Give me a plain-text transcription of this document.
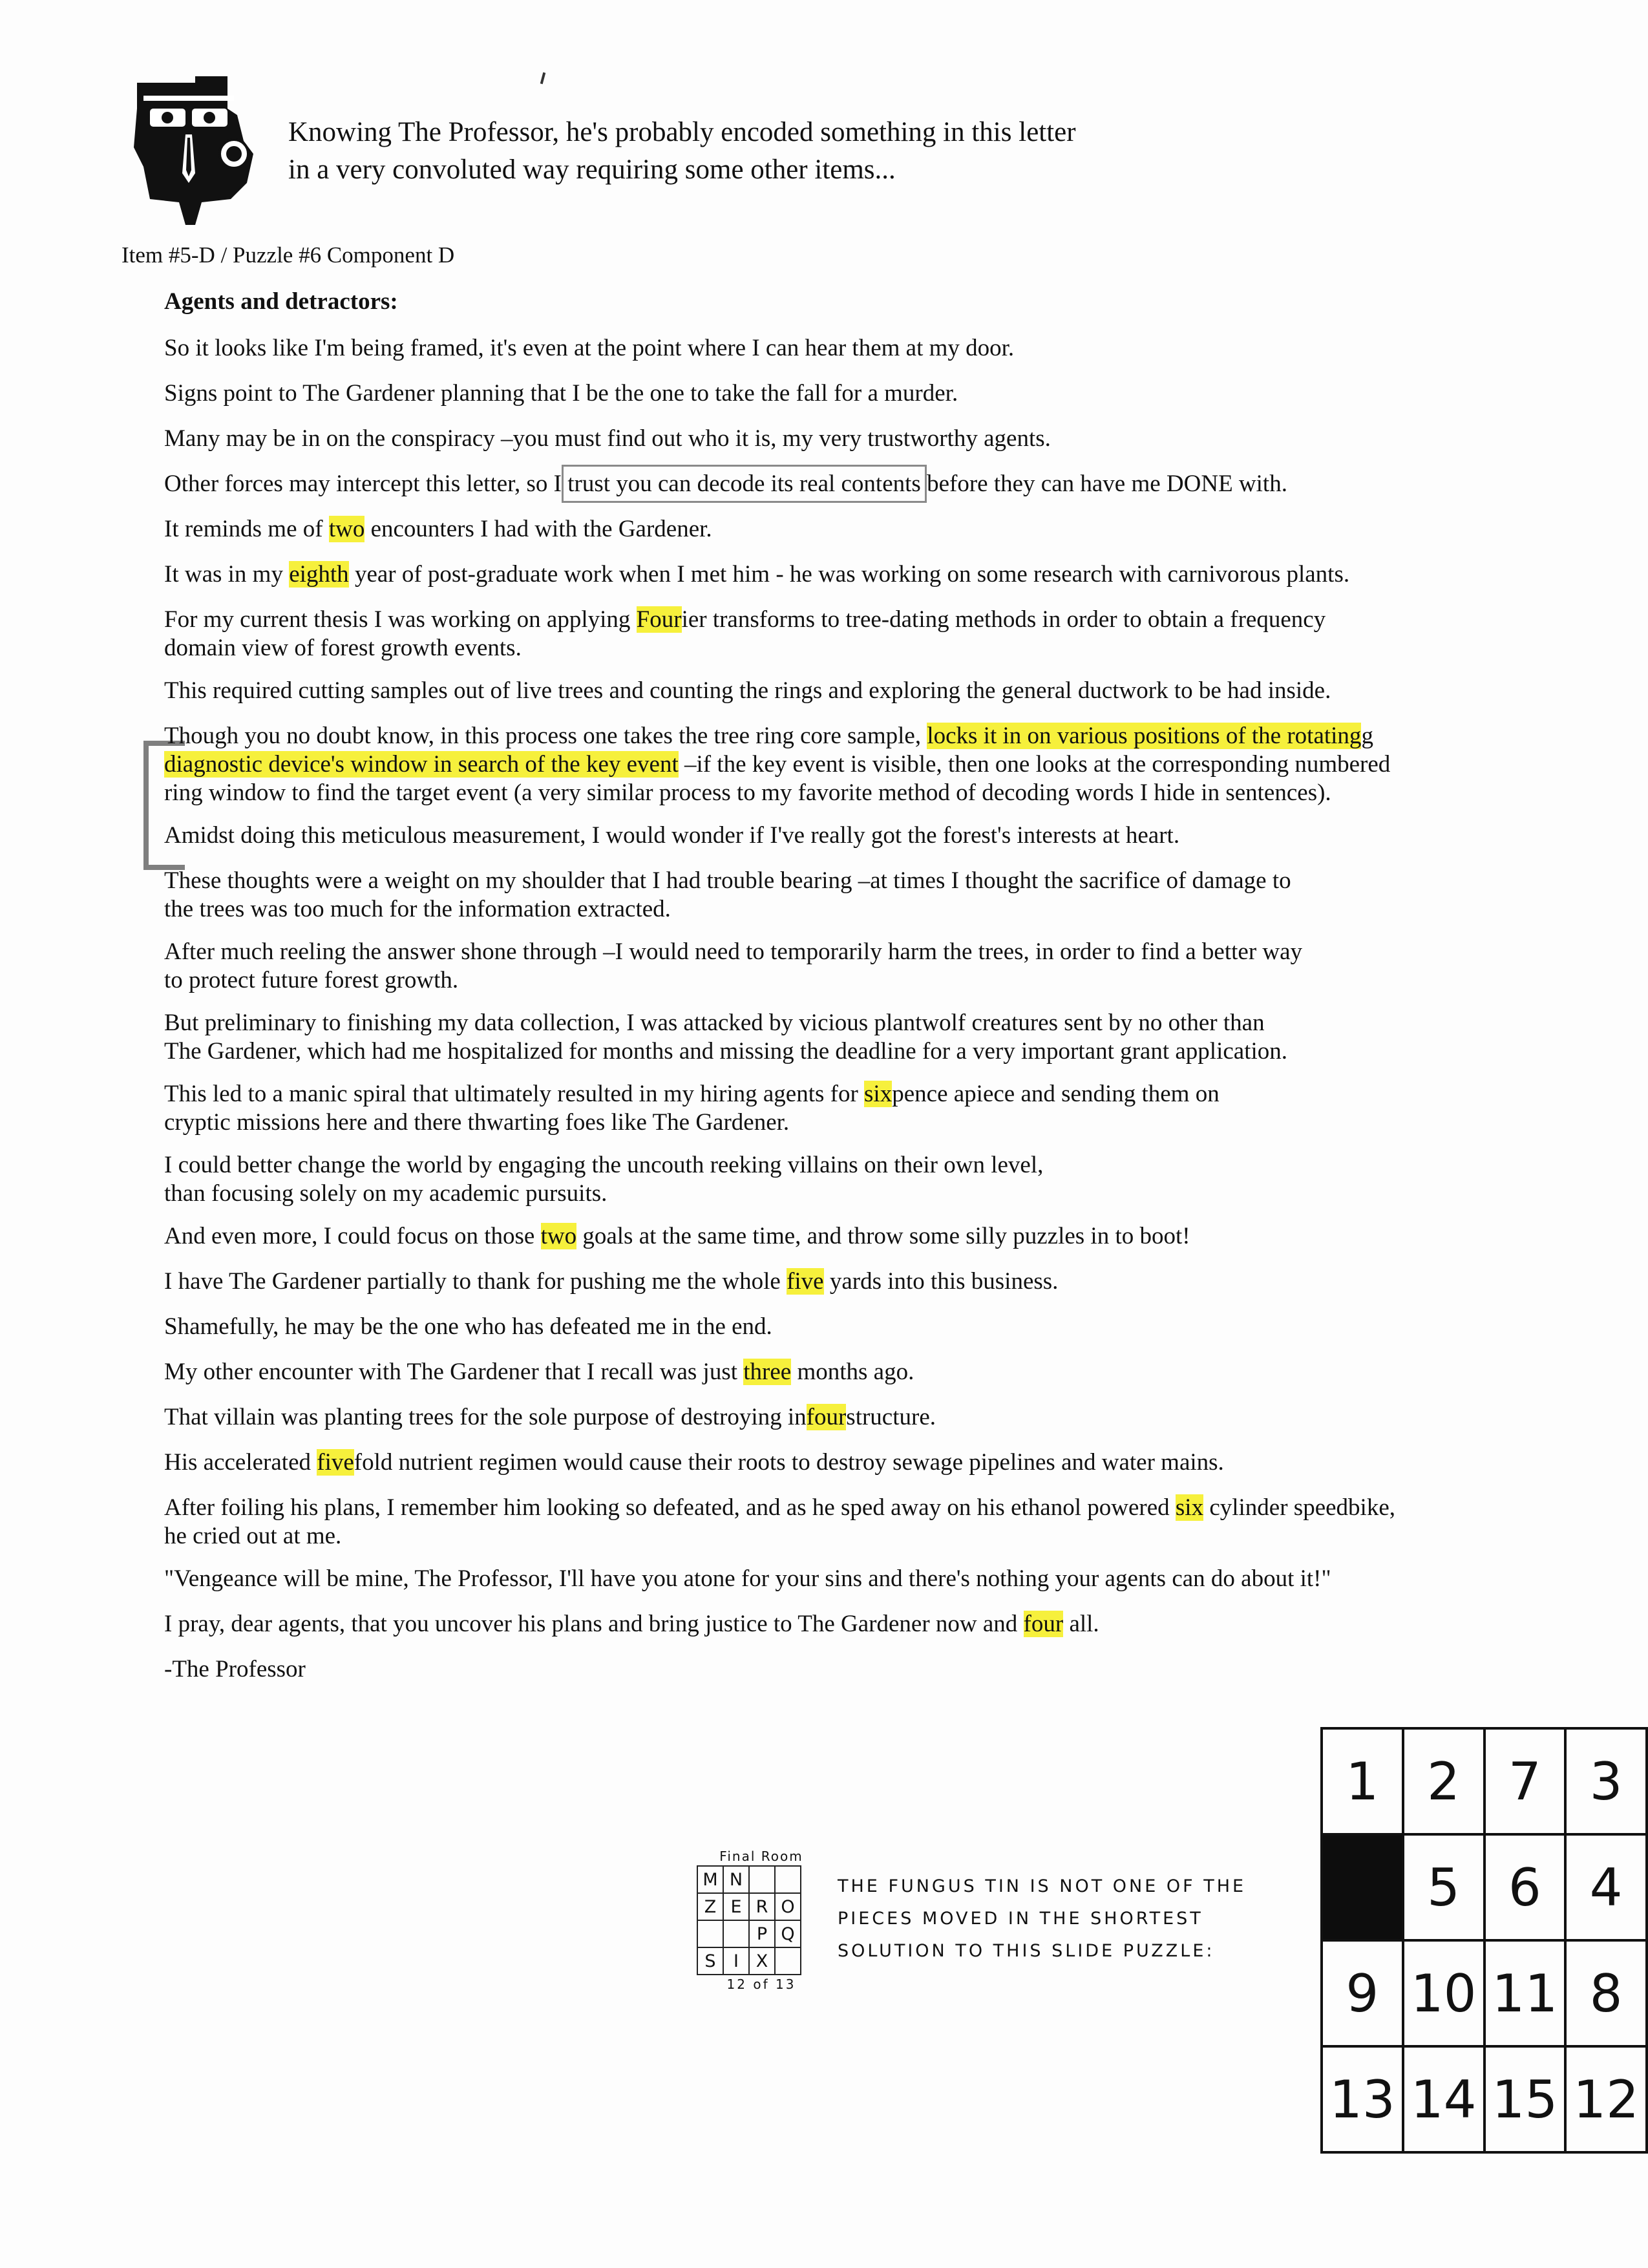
Knowing The Professor, he's probably encoded something in this letter
in a very convoluted way requiring some other items...
Item #5-D / Puzzle #6 Component D

Agents and detractors:

So it looks like I'm being framed, it's even at the point where I can hear them at my door.

Signs point to The Gardener planning that I be the one to take the fall for a murder.

Many may be in on the conspiracy –you must find out who it is, my very trustworthy agents.

Other forces may intercept this letter, so I trust you can decode its real contents before they can have me DONE with.

It reminds me of two encounters I had with the Gardener.

It was in my eighth year of post-graduate work when I met him - he was working on some research with carnivorous plants.

For my current thesis I was working on applying Fourier transforms to tree-dating methods in order to obtain a frequency
domain view of forest growth events.

This required cutting samples out of live trees and counting the rings and exploring the general ductwork to be had inside.

Though you no doubt know, in this process one takes the tree ring core sample, locks it in on various positions of the rotatingg
diagnostic device's window in search of the key event –if the key event is visible, then one looks at the corresponding numbered
ring window to find the target event (a very similar process to my favorite method of decoding words I hide in sentences).

Amidst doing this meticulous measurement, I would wonder if I've really got the forest's interests at heart.

These thoughts were a weight on my shoulder that I had trouble bearing –at times I thought the sacrifice of damage to
the trees was too much for the information extracted.

After much reeling the answer shone through –I would need to temporarily harm the trees, in order to find a better way
to protect future forest growth.

But preliminary to finishing my data collection, I was attacked by vicious plantwolf creatures sent by no other than
The Gardener, which had me hospitalized for months and missing the deadline for a very important grant application.

This led to a manic spiral that ultimately resulted in my hiring agents for sixpence apiece and sending them on
cryptic missions here and there thwarting foes like The Gardener.

I could better change the world by engaging the uncouth reeking villains on their own level,
than focusing solely on my academic pursuits.

And even more, I could focus on those two goals at the same time, and throw some silly puzzles in to boot!

I have The Gardener partially to thank for pushing me the whole five yards into this business.

Shamefully, he may be the one who has defeated me in the end.

My other encounter with The Gardener that I recall was just three months ago.

That villain was planting trees for the sole purpose of destroying infourstructure.

His accelerated fivefold nutrient regimen would cause their roots to destroy sewage pipelines and water mains.

After foiling his plans, I remember him looking so defeated, and as he sped away on his ethanol powered six cylinder speedbike,
he cried out at me.

"Vengeance will be mine, The Professor, I'll have you atone for your sins and there's nothing your agents can do about it!"

I pray, dear agents, that you uncover his plans and bring justice to The Gardener now and four all.

-The Professor

Final Room
M	N		
Z	E	R	O
		P	Q
S	I	X	
12 of 13
THE FUNGUS TIN IS NOT ONE OF THE
PIECES MOVED IN THE SHORTEST
SOLUTION TO THIS SLIDE PUZZLE:
1	2	7	3
	5	6	4
9	10	11	8
13	14	15	12
